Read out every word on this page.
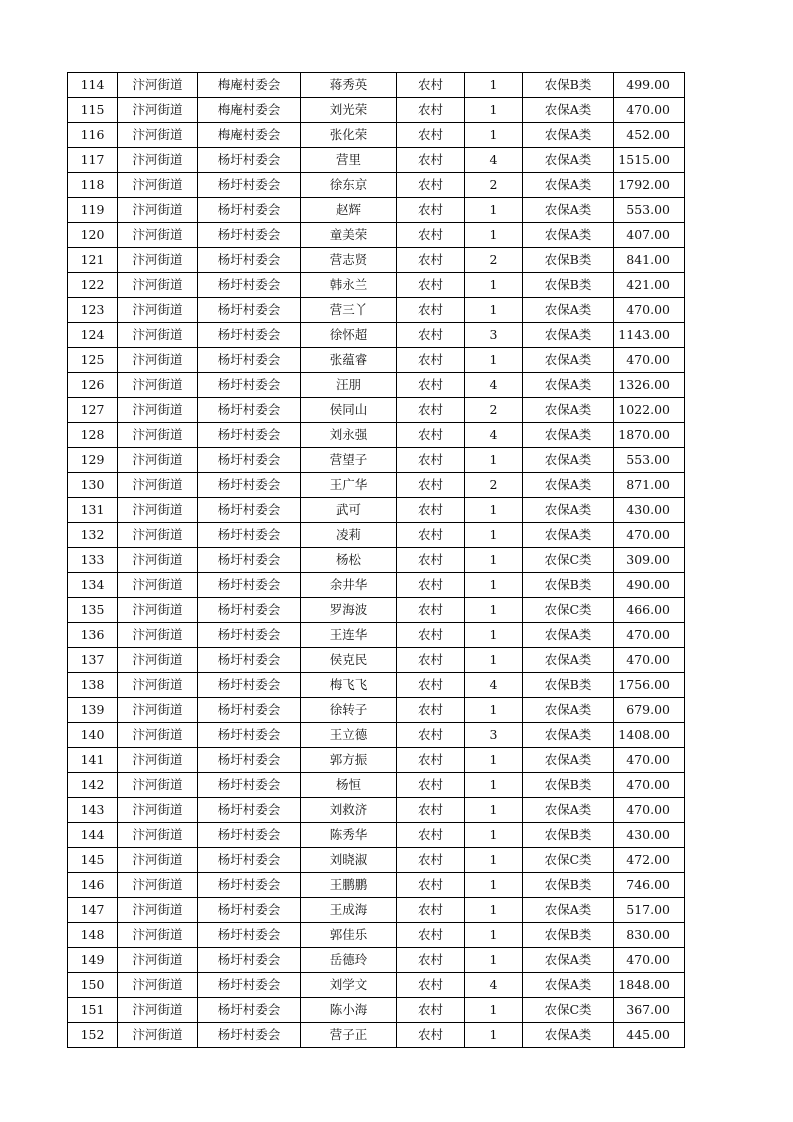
114	汴河街道	梅庵村委会	蒋秀英	农村	1	农保B类	499.00
115	汴河街道	梅庵村委会	刘光荣	农村	1	农保A类	470.00
116	汴河街道	梅庵村委会	张化荣	农村	1	农保A类	452.00
117	汴河街道	杨圩村委会	营里	农村	4	农保A类	1515.00
118	汴河街道	杨圩村委会	徐东京	农村	2	农保A类	1792.00
119	汴河街道	杨圩村委会	赵辉	农村	1	农保A类	553.00
120	汴河街道	杨圩村委会	童美荣	农村	1	农保A类	407.00
121	汴河街道	杨圩村委会	营志贤	农村	2	农保B类	841.00
122	汴河街道	杨圩村委会	韩永兰	农村	1	农保B类	421.00
123	汴河街道	杨圩村委会	营三丫	农村	1	农保A类	470.00
124	汴河街道	杨圩村委会	徐怀超	农村	3	农保A类	1143.00
125	汴河街道	杨圩村委会	张蕴睿	农村	1	农保A类	470.00
126	汴河街道	杨圩村委会	汪朋	农村	4	农保A类	1326.00
127	汴河街道	杨圩村委会	侯同山	农村	2	农保A类	1022.00
128	汴河街道	杨圩村委会	刘永强	农村	4	农保A类	1870.00
129	汴河街道	杨圩村委会	营望子	农村	1	农保A类	553.00
130	汴河街道	杨圩村委会	王广华	农村	2	农保A类	871.00
131	汴河街道	杨圩村委会	武可	农村	1	农保A类	430.00
132	汴河街道	杨圩村委会	凌莉	农村	1	农保A类	470.00
133	汴河街道	杨圩村委会	杨松	农村	1	农保C类	309.00
134	汴河街道	杨圩村委会	余井华	农村	1	农保B类	490.00
135	汴河街道	杨圩村委会	罗海波	农村	1	农保C类	466.00
136	汴河街道	杨圩村委会	王连华	农村	1	农保A类	470.00
137	汴河街道	杨圩村委会	侯克民	农村	1	农保A类	470.00
138	汴河街道	杨圩村委会	梅飞飞	农村	4	农保B类	1756.00
139	汴河街道	杨圩村委会	徐转子	农村	1	农保A类	679.00
140	汴河街道	杨圩村委会	王立德	农村	3	农保A类	1408.00
141	汴河街道	杨圩村委会	郭方振	农村	1	农保A类	470.00
142	汴河街道	杨圩村委会	杨恒	农村	1	农保B类	470.00
143	汴河街道	杨圩村委会	刘救济	农村	1	农保A类	470.00
144	汴河街道	杨圩村委会	陈秀华	农村	1	农保B类	430.00
145	汴河街道	杨圩村委会	刘晓淑	农村	1	农保C类	472.00
146	汴河街道	杨圩村委会	王鹏鹏	农村	1	农保B类	746.00
147	汴河街道	杨圩村委会	王成海	农村	1	农保A类	517.00
148	汴河街道	杨圩村委会	郭佳乐	农村	1	农保B类	830.00
149	汴河街道	杨圩村委会	岳德玲	农村	1	农保A类	470.00
150	汴河街道	杨圩村委会	刘学文	农村	4	农保A类	1848.00
151	汴河街道	杨圩村委会	陈小海	农村	1	农保C类	367.00
152	汴河街道	杨圩村委会	营子正	农村	1	农保A类	445.00
